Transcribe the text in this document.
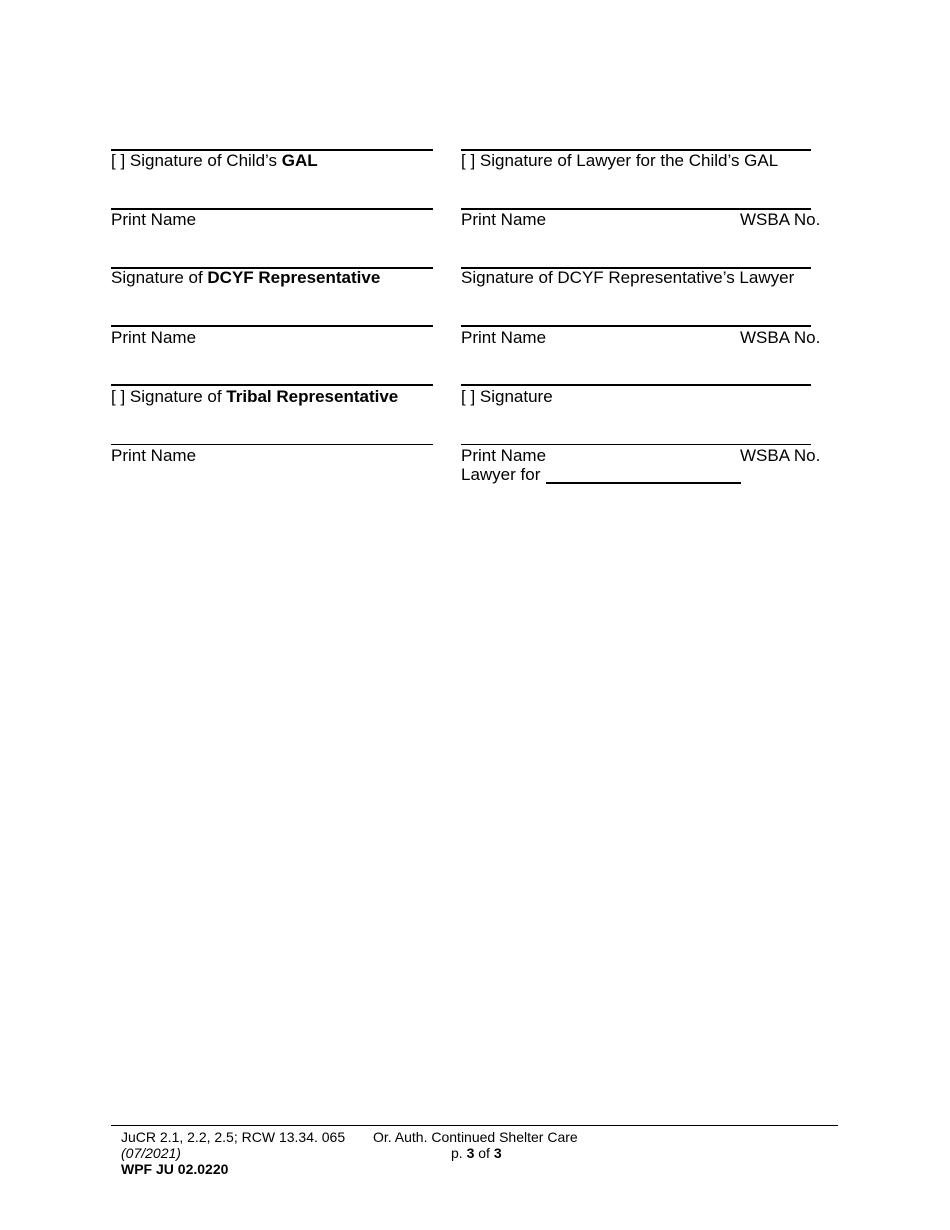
[ ] Signature of Child’s GAL	[ ] Signature of Lawyer for the Child’s GAL
Print Name	Print Name	WSBA No.
Signature of DCYF Representative	Signature of DCYF Representative’s Lawyer
Print Name	Print Name	WSBA No.
[ ] Signature of Tribal Representative	[ ] Signature
Print Name	Print Name	WSBA No.
Lawyer for
JuCR 2.1, 2.2, 2.5; RCW 13.34. 065
(07/2021)
WPF JU 02.0220
Or. Auth. Continued Shelter Care
p. 3 of 3
